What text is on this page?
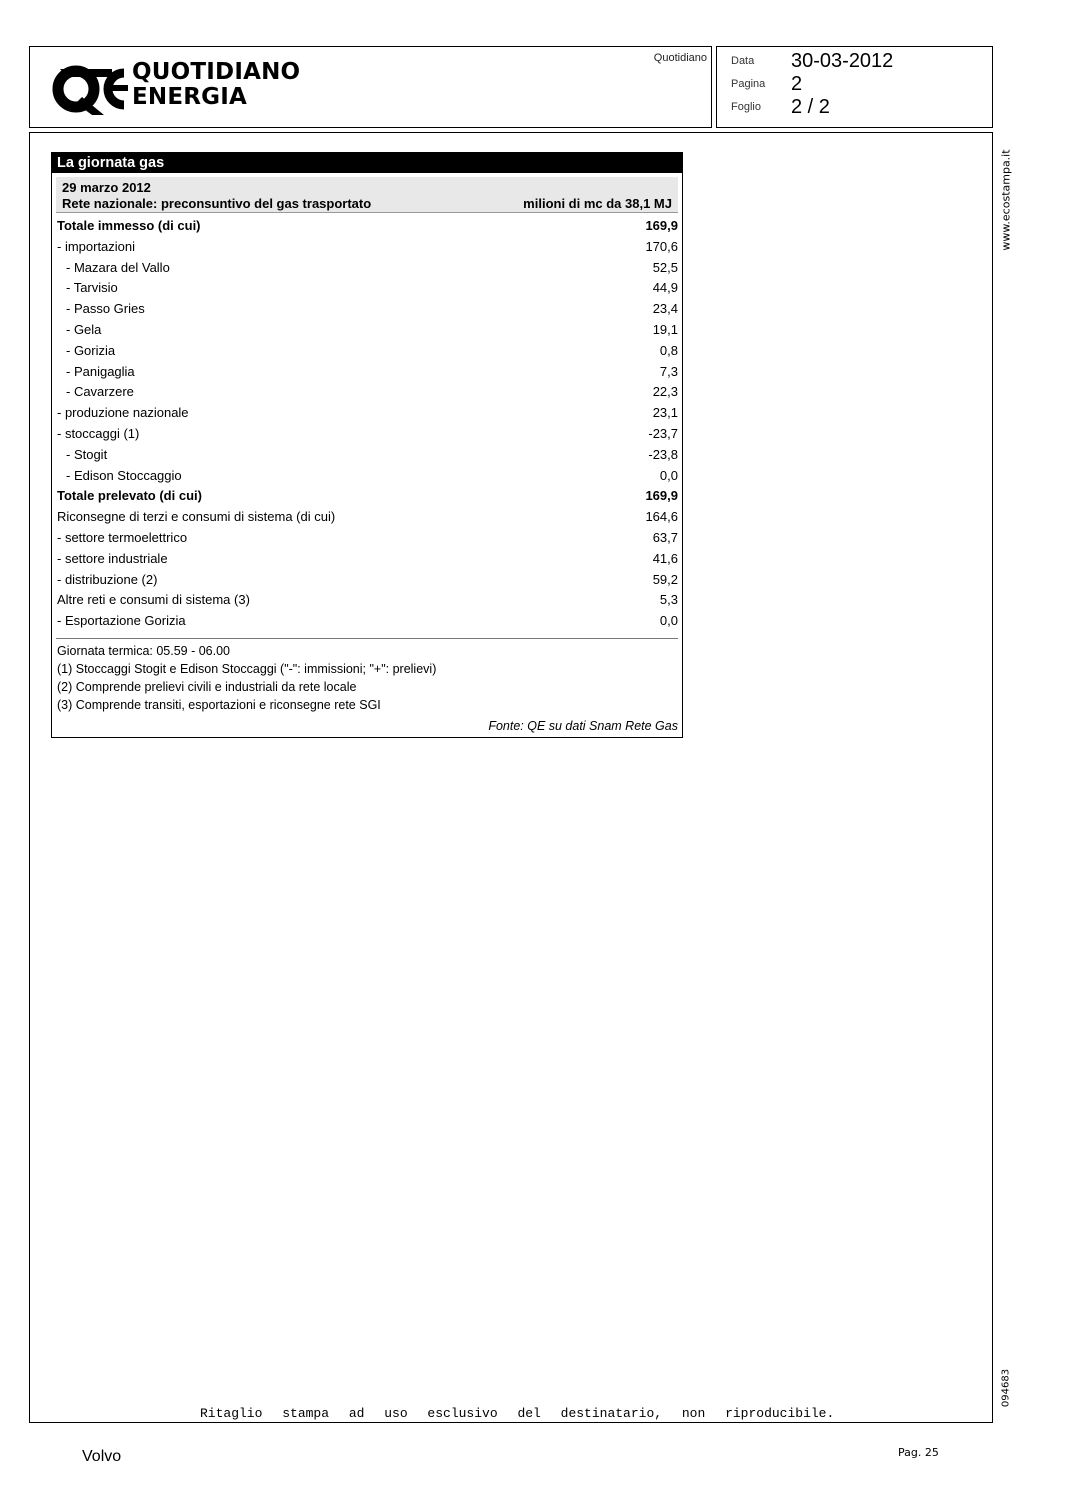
QUOTIDIANO
ENERGIA
Quotidiano Data	30-03-2012
Pagina	2
Foglio	2 / 2
www.ecostampa.it
094683
Ritaglio stampa ad uso esclusivo del destinatario, non riproducibile.
La giornata gas
29 marzo 2012
Rete nazionale: preconsuntivo del gas trasportato	milioni di mc da 38,1 MJ
Totale immesso (di cui)	169,9
- importazioni	170,6
- Mazara del Vallo	52,5
- Tarvisio	44,9
- Passo Gries	23,4
- Gela	19,1
- Gorizia	0,8
- Panigaglia	7,3
- Cavarzere	22,3
- produzione nazionale	23,1
- stoccaggi (1)	-23,7
- Stogit	-23,8
- Edison Stoccaggio	0,0
Totale prelevato (di cui)	169,9
Riconsegne di terzi e consumi di sistema (di cui)	164,6
- settore termoelettrico	63,7
- settore industriale	41,6
- distribuzione (2)	59,2
Altre reti e consumi di sistema (3)	5,3
- Esportazione Gorizia	0,0
Giornata termica: 05.59 - 06.00
(1) Stoccaggi Stogit e Edison Stoccaggi ("-": immissioni; "+": prelievi)
(2) Comprende prelievi civili e industriali da rete locale
(3) Comprende transiti, esportazioni e riconsegne rete SGI
Fonte: QE su dati Snam Rete Gas
Volvo	Pag. 25
